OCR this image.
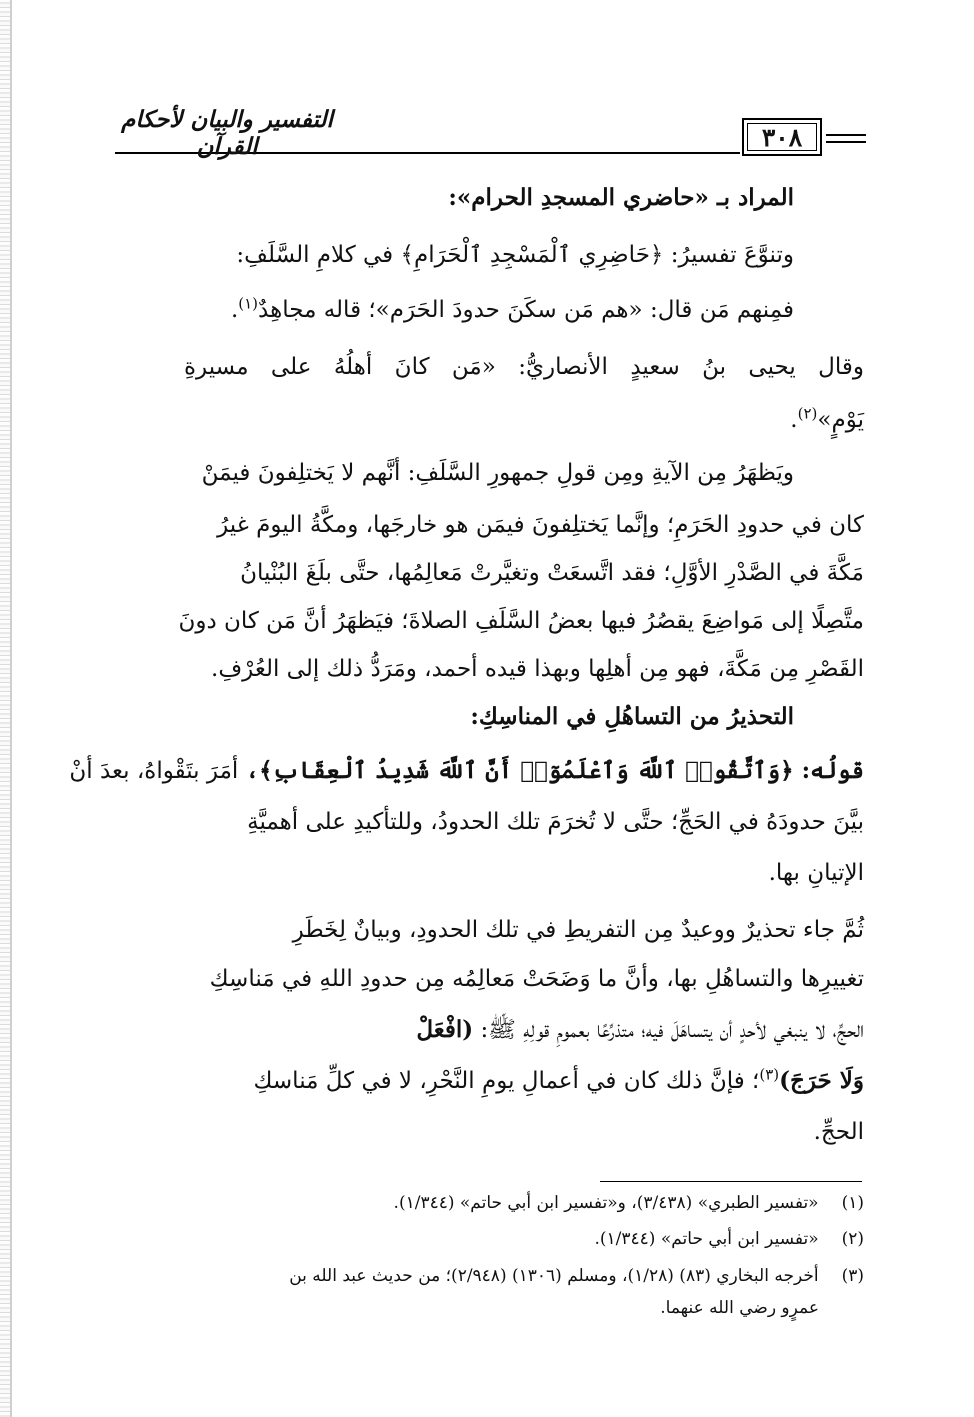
٣٠٨
التفسير والبيان لأحكام القرآن
المراد بـ «حاضري المسجدِ الحرام»:
وتنوَّعَ تفسيرُ: ﴿حَاضِرِي ٱلْمَسْجِدِ ٱلْحَرَامِ﴾ في كلامِ السَّلَفِ:
فمِنهم مَن قال: «هم مَن سكَنَ حدودَ الحَرَم»؛ قاله مجاهِدٌ$^{(١)}$.
وقال يحيى بنُ سعيدٍ الأنصاريُّ: «مَن كانَ أهلُهُ على مسيرةِ
يَوْمٍ»$^{(٢)}$.
ويَظهَرُ مِن الآيةِ ومِن قولِ جمهورِ السَّلَفِ: أنَّهم لا يَختلِفونَ فيمَنْ
كان في حدودِ الحَرَمِ؛ وإنَّما يَختلِفونَ فيمَن هو خارجَها، ومكَّةُ اليومَ غيرُ
مَكَّةَ في الصَّدْرِ الأوَّلِ؛ فقد اتَّسعَتْ وتغيَّرتْ مَعالِمُها، حتَّى بلَغَ البُنْيانُ
متَّصِلًا إلى مَواضِعَ يقصُرُ فيها بعضُ السَّلَفِ الصلاةَ؛ فيَظهَرُ أنَّ مَن كان دونَ
القَصْرِ مِن مَكَّةَ، فهو مِن أهلِها وبهذا قيده أحمد، ومَرَدُّ ذلك إلى العُرْفِ.
التحذيرُ من التساهُلِ في المناسِكِ:
قولُه: ﴿وَٱتَّقُوا۟ ٱللَّهَ وَٱعْلَمُوٓا۟ أَنَّ ٱللَّهَ شَدِيدُ ٱلْعِقَابِ﴾، أمَرَ بتَقْواهُ، بعدَ أنْ
بيَّنَ حدودَهُ في الحَجِّ؛ حتَّى لا تُخرَمَ تلك الحدودُ، وللتأكيدِ على أهميَّةِ
الإتيانِ بها.
ثُمَّ جاء تحذيرٌ ووعيدٌ مِن التفريطِ في تلك الحدودِ، وبيانٌ لِخَطَرِ
تغييرِها والتساهُلِ بها، وأنَّ ما وَضَحَتْ مَعالِمُه مِن حدودِ اللهِ في مَناسِكِ
الحجِّ، لا ينبغي لأحدٍ أن يتساهَلَ فيه؛ متذرِّعًا بعمومِ قولِهِ ﷺ: (افْعَلْ
وَلَا حَرَجَ)$^{(٣)}$؛ فإنَّ ذلك كان في أعمالِ يومِ النَّحْرِ، لا في كلِّ مَناسكِ
الحجِّ.
(١) «تفسير الطبري» (٣/٤٣٨)، و«تفسير ابن أبي حاتم» (١/٣٤٤).
(٢) «تفسير ابن أبي حاتم» (١/٣٤٤).
(٣) أخرجه البخاري (٨٣) (١/٢٨)، ومسلم (١٣٠٦) (٢/٩٤٨)؛ من حديث عبد الله بن
عمرٍو رضي الله عنهما.
